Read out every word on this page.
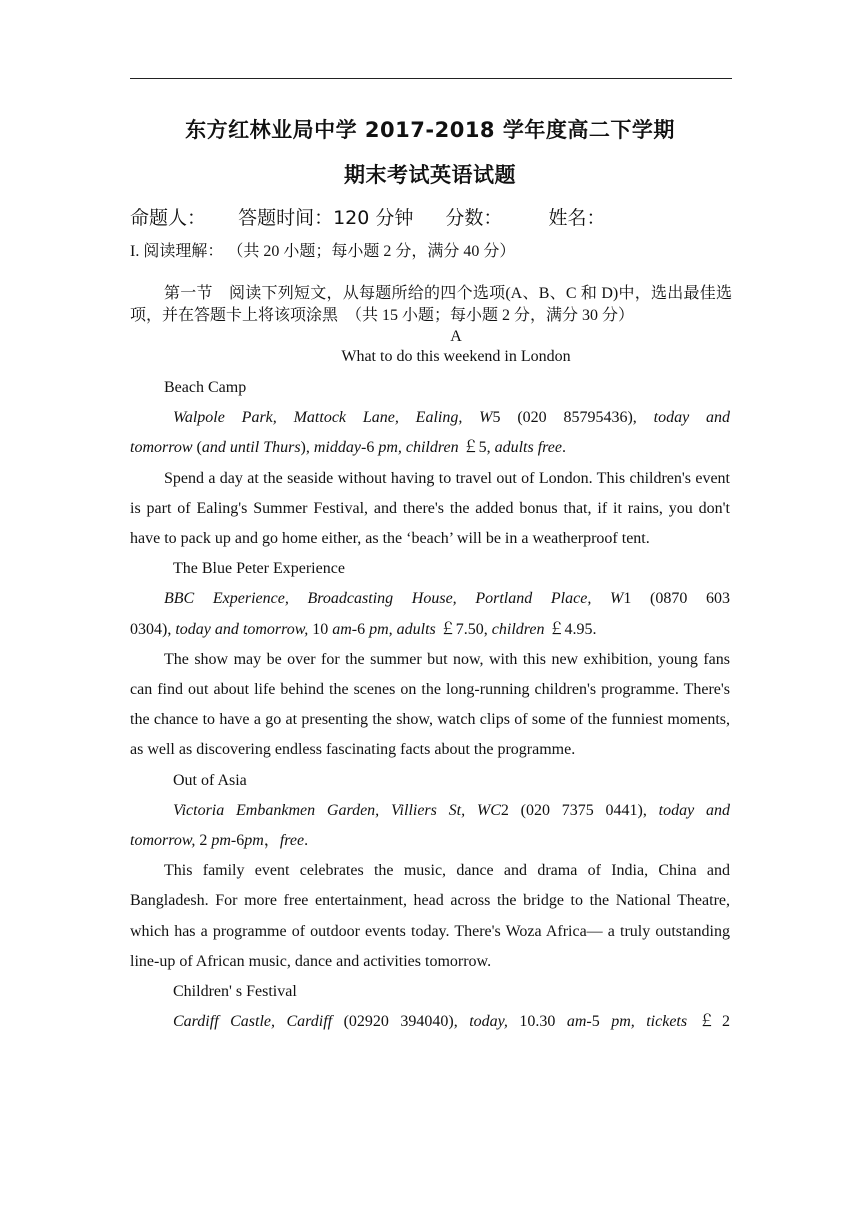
东方红林业局中学 2017-2018 学年度高二下学期
期末考试英语试题
命题人： 答题时间：120 分钟 分数： 姓名：
I. 阅读理解： （共 20 小题；每小题 2 分，满分 40 分）
第一节　阅读下列短文，从每题所给的四个选项(A、B、C 和 D)中，选出最佳选项，并在答题卡上将该项涂黑　（共 15 小题；每小题 2 分，满分 30 分）
A
What to do this weekend in London

Beach Camp

Walpole Park, Mattock Lane, Ealing, W5 (020 85795436), today and

tomorrow (and until Thurs), midday-6 pm, children ￡5, adults free.

Spend a day at the seaside without having to travel out of London. This children's event is part of Ealing's Summer Festival, and there's the added bonus that, if it rains, you don't have to pack up and go home either, as the ‘beach’ will be in a weatherproof tent.

The Blue Peter Experience

BBC Experience, Broadcasting House, Portland Place, W1 (0870 603

0304), today and tomorrow, 10 am-6 pm, adults ￡7.50, children ￡4.95.

The show may be over for the summer but now, with this new exhibition, young fans can find out about life behind the scenes on the long-running children's programme. There's the chance to have a go at presenting the show, watch clips of some of the funniest moments, as well as discovering endless fascinating facts about the programme.

Out of Asia

Victoria Embankmen Garden, Villiers St, WC2 (020 7375 0441), today and

tomorrow, 2 pm-6pm，free.

This family event celebrates the music, dance and drama of India, China and Bangladesh. For more free entertainment, head across the bridge to the National Theatre, which has a programme of outdoor events today. There's Woza Africa— a truly outstanding line-up of African music, dance and activities tomorrow.

Children' s Festival

Cardiff Castle, Cardiff (02920 394040), today, 10.30 am-5 pm, tickets ￡2
